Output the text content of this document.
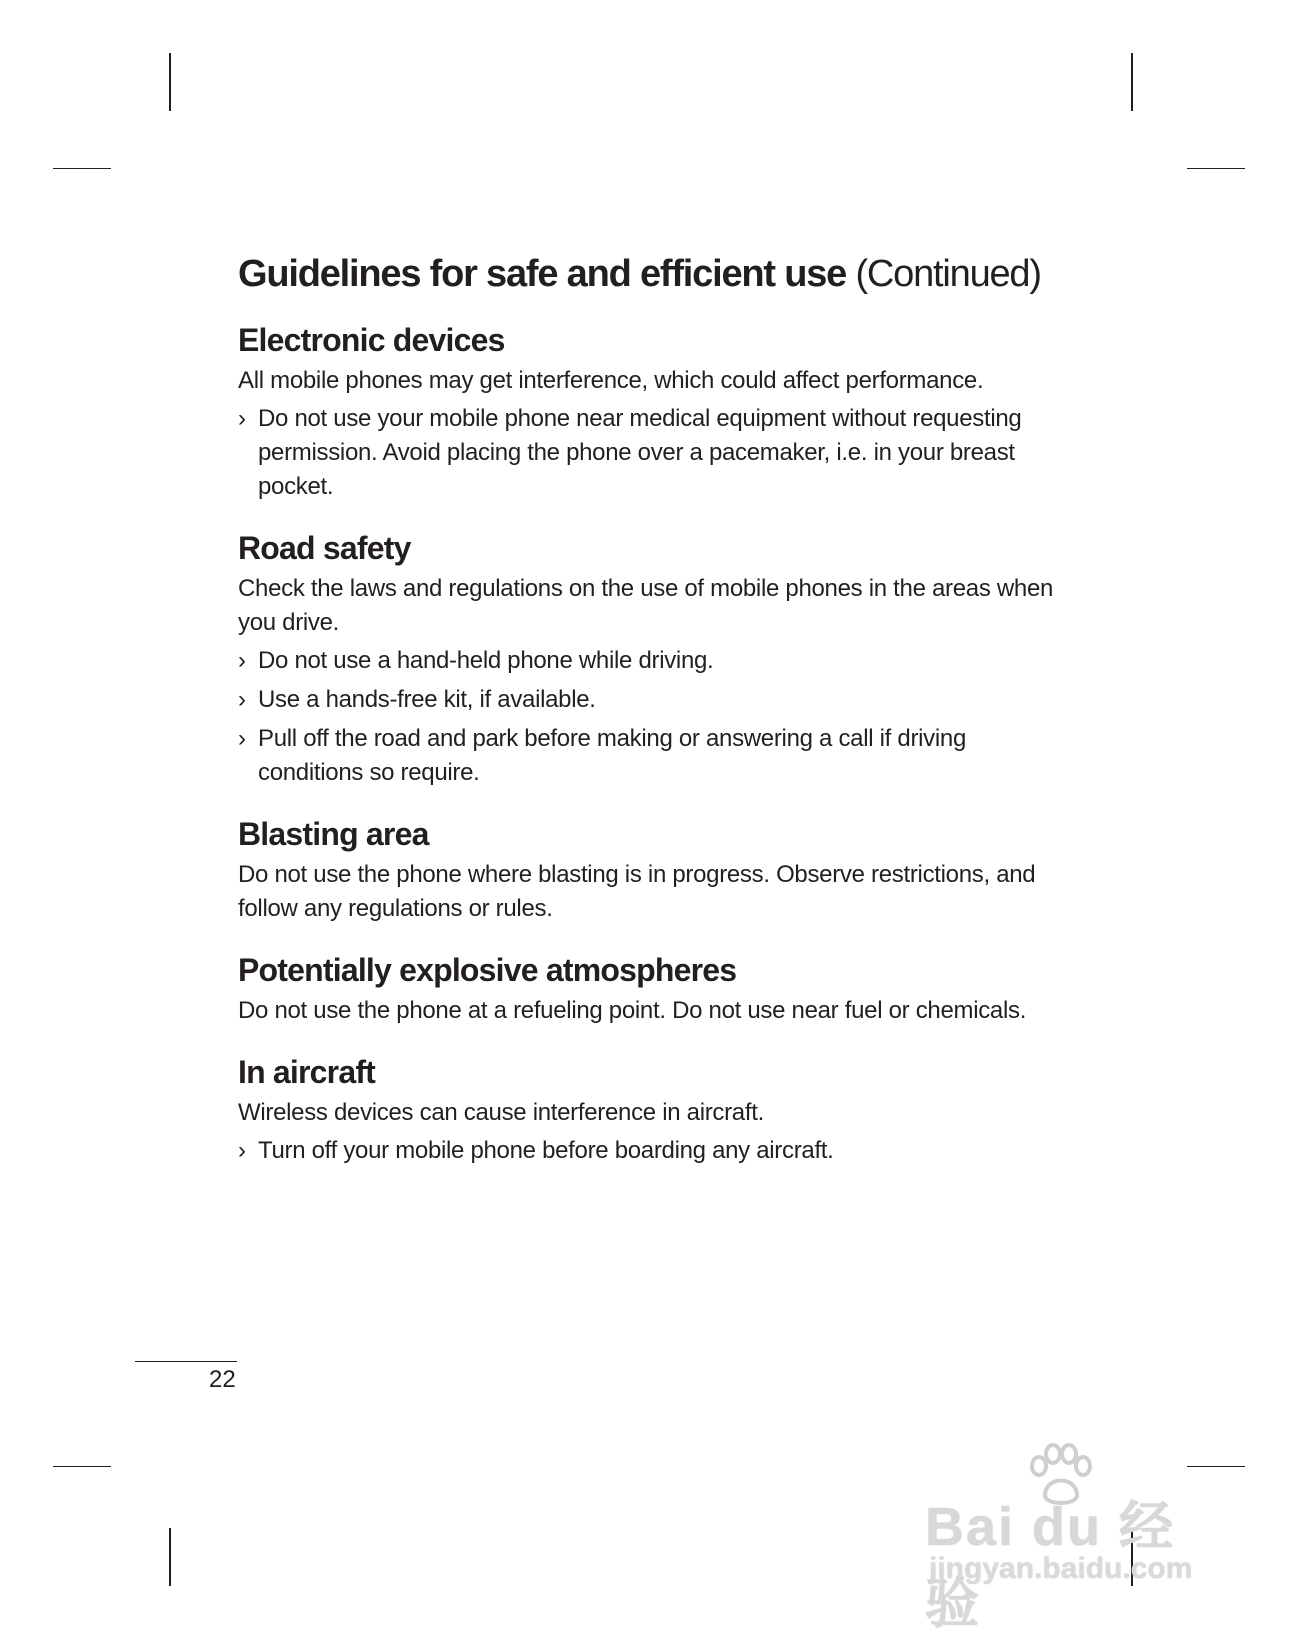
Guidelines for safe and efficient use (Continued)
Electronic devices

All mobile phones may get interference, which could affect performance.

› Do not use your mobile phone near medical equipment without requesting permission. Avoid placing the phone over a pacemaker, i.e. in your breast pocket.
Road safety

Check the laws and regulations on the use of mobile phones in the areas when you drive.

› Do not use a hand-held phone while driving.
› Use a hands-free kit, if available.
› Pull off the road and park before making or answering a call if driving conditions so require.
Blasting area

Do not use the phone where blasting is in progress. Observe restrictions, and follow any regulations or rules.

Potentially explosive atmospheres

Do not use the phone at a refueling point. Do not use near fuel or chemicals.

In aircraft

Wireless devices can cause interference in aircraft.

› Turn off your mobile phone before boarding any aircraft.
22
Bai du 经验
jingyan.baidu.com
